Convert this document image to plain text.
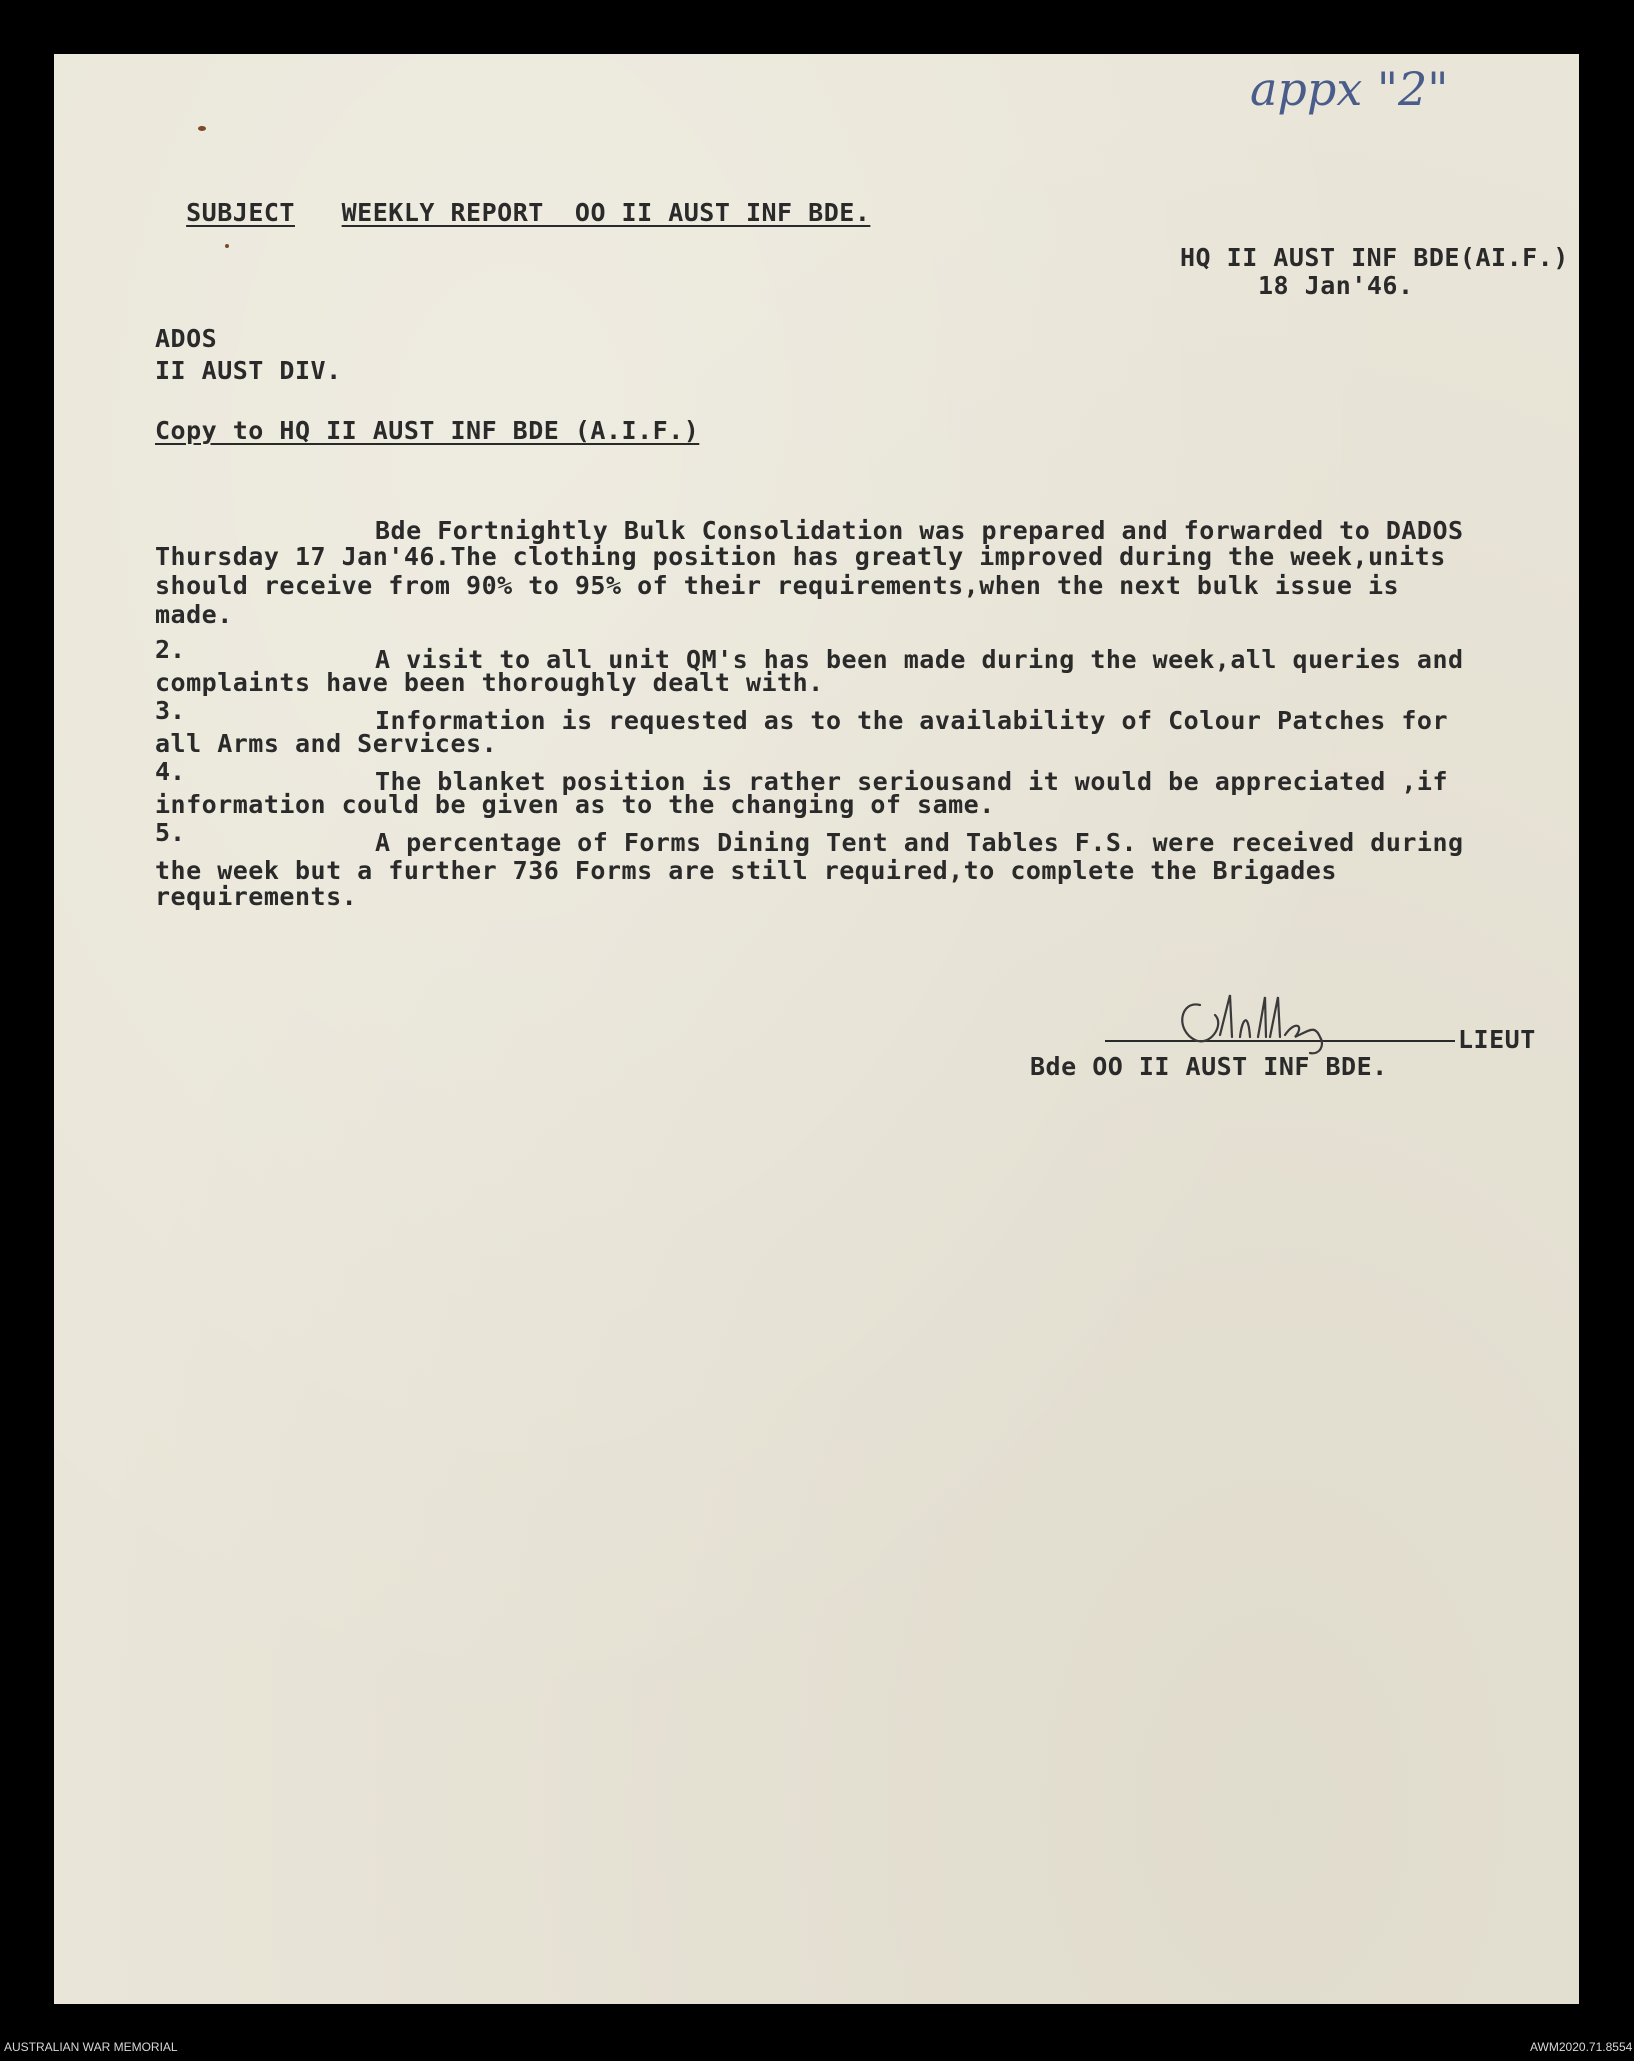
appx "2"

SUBJECT WEEKLY REPORT  OO II AUST INF BDE.

HQ II AUST INF BDE(AI.F.)
18 Jan'46.
ADOS
II AUST DIV.
Copy to HQ II AUST INF BDE (A.I.F.)
Bde Fortnightly Bulk Consolidation was prepared and forwarded to DADOS
Thursday 17 Jan'46.The clothing position has greatly improved during the week,units
should receive from 90% to 95% of their requirements,when the next bulk issue is
made.
2.	A visit to all unit QM's has been made during the week,all queries and
complaints have been thoroughly dealt with.
3.	Information is requested as to the availability of Colour Patches for
all Arms and Services.
4.	The blanket position is rather seriousand it would be appreciated ,if
information could be given as to the changing of same.
5.	A percentage of Forms Dining Tent and Tables F.S. were received during
the week but a further 736 Forms are still required,to complete the Brigades
requirements.
LIEUT
Bde OO II AUST INF BDE.
AUSTRALIAN WAR MEMORIAL	AWM2020.71.8554
